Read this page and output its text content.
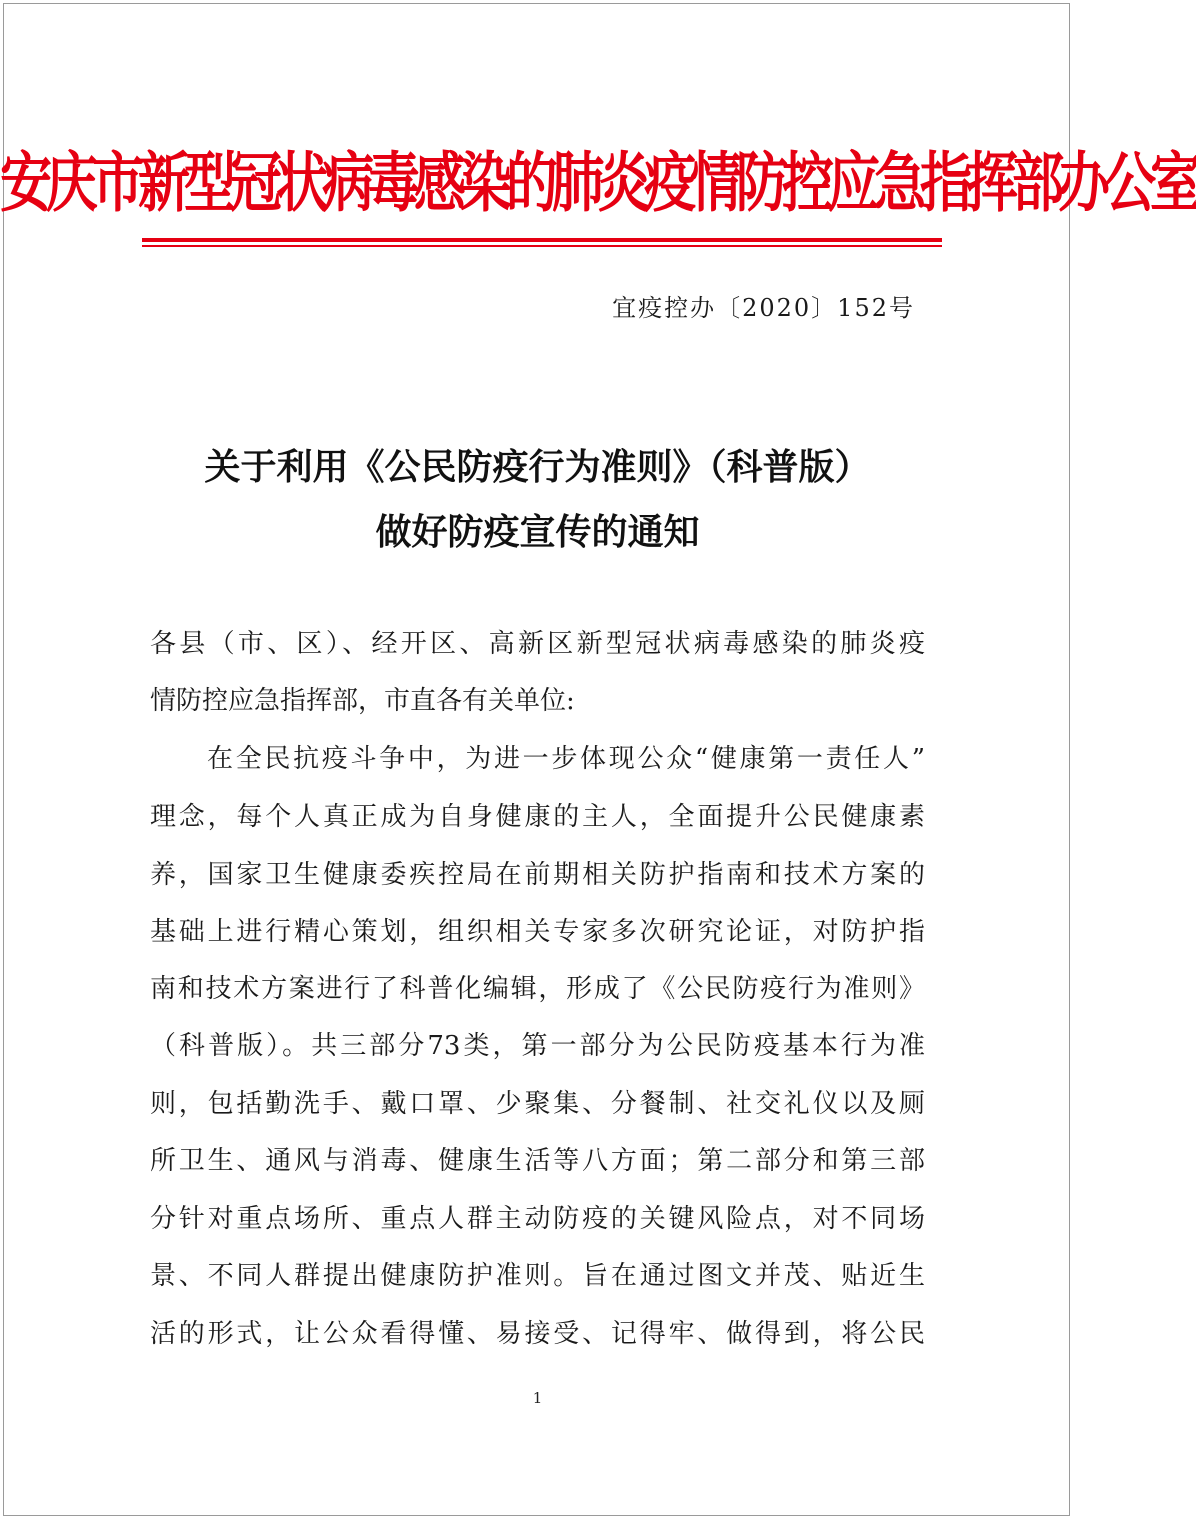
安庆市新型冠状病毒感染的肺炎疫情防控应急指挥部办公室
宜疫控办〔2020〕152号
关于利用《公民防疫行为准则》（科普版）
做好防疫宣传的通知
各县（市、区）、经开区、高新区新型冠状病毒感染的肺炎疫
情防控应急指挥部，市直各有关单位:
在全民抗疫斗争中，为进一步体现公众“健康第一责任人”
理念，每个人真正成为自身健康的主人，全面提升公民健康素
养，国家卫生健康委疾控局在前期相关防护指南和技术方案的
基础上进行精心策划，组织相关专家多次研究论证，对防护指
南和技术方案进行了科普化编辑，形成了《公民防疫行为准则》
（科普版）。共三部分73类，第一部分为公民防疫基本行为准
则，包括勤洗手、戴口罩、少聚集、分餐制、社交礼仪以及厕
所卫生、通风与消毒、健康生活等八方面；第二部分和第三部
分针对重点场所、重点人群主动防疫的关键风险点，对不同场
景、不同人群提出健康防护准则。旨在通过图文并茂、贴近生
活的形式，让公众看得懂、易接受、记得牢、做得到，将公民
1
